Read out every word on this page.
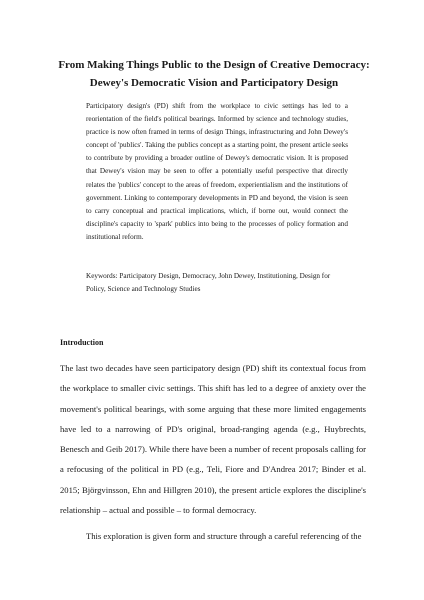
From Making Things Public to the Design of Creative Democracy: Dewey's Democratic Vision and Participatory Design
Participatory design's (PD) shift from the workplace to civic settings has led to a reorientation of the field's political bearings. Informed by science and technology studies, practice is now often framed in terms of design Things, infrastructuring and John Dewey's concept of 'publics'. Taking the publics concept as a starting point, the present article seeks to contribute by providing a broader outline of Dewey's democratic vision. It is proposed that Dewey's vision may be seen to offer a potentially useful perspective that directly relates the 'publics' concept to the areas of freedom, experientialism and the institutions of government. Linking to contemporary developments in PD and beyond, the vision is seen to carry conceptual and practical implications, which, if borne out, would connect the discipline's capacity to 'spark' publics into being to the processes of policy formation and institutional reform.
Keywords: Participatory Design, Democracy, John Dewey, Institutioning, Design for Policy, Science and Technology Studies
Introduction
The last two decades have seen participatory design (PD) shift its contextual focus from the workplace to smaller civic settings. This shift has led to a degree of anxiety over the movement's political bearings, with some arguing that these more limited engagements have led to a narrowing of PD's original, broad-ranging agenda (e.g., Huybrechts, Benesch and Geib 2017). While there have been a number of recent proposals calling for a refocusing of the political in PD (e.g., Teli, Fiore and D'Andrea 2017; Binder et al. 2015; Björgvinsson, Ehn and Hillgren 2010), the present article explores the discipline's relationship – actual and possible – to formal democracy.
This exploration is given form and structure through a careful referencing of the
